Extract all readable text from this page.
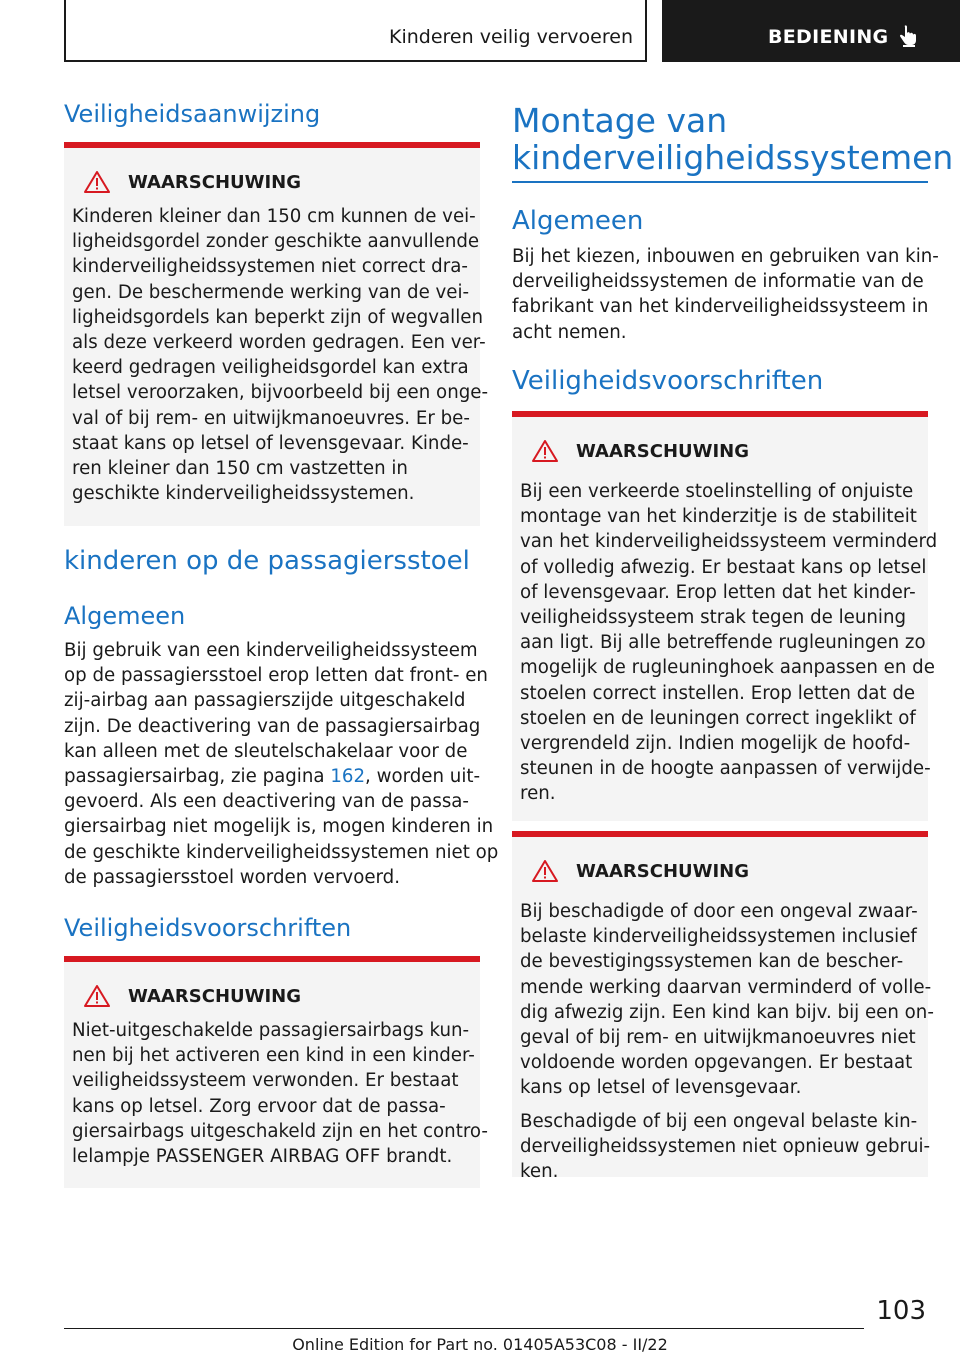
Kinderen veilig vervoeren	BEDIENING
Veiligheidsaanwijzing
WAARSCHUWING
Kinderen kleiner dan 150 cm kunnen de vei-
ligheidsgordel zonder geschikte aanvullende
kinderveiligheidssystemen niet correct dra-
gen. De beschermende werking van de vei-
ligheidsgordels kan beperkt zijn of wegvallen
als deze verkeerd worden gedragen. Een ver-
keerd gedragen veiligheidsgordel kan extra
letsel veroorzaken, bijvoorbeeld bij een onge-
val of bij rem- en uitwijkmanoeuvres. Er be-
staat kans op letsel of levensgevaar. Kinde-
ren kleiner dan 150 cm vastzetten in
geschikte kinderveiligheidssystemen.
kinderen op de passagiersstoel
Algemeen
Bij gebruik van een kinderveiligheidssysteem
op de passagiersstoel erop letten dat front- en
zij-airbag aan passagierszijde uitgeschakeld
zijn. De deactivering van de passagiersairbag
kan alleen met de sleutelschakelaar voor de
passagiersairbag, zie pagina 162, worden uit-
gevoerd. Als een deactivering van de passa-
giersairbag niet mogelijk is, mogen kinderen in
de geschikte kinderveiligheidssystemen niet op
de passagiersstoel worden vervoerd.
Veiligheidsvoorschriften
WAARSCHUWING
Niet-uitgeschakelde passagiersairbags kun-
nen bij het activeren een kind in een kinder-
veiligheidssysteem verwonden. Er bestaat
kans op letsel. Zorg ervoor dat de passa-
giersairbags uitgeschakeld zijn en het contro-
lelampje PASSENGER AIRBAG OFF brandt.
Montage van
kinderveiligheidssystemen
Algemeen
Bij het kiezen, inbouwen en gebruiken van kin-
derveiligheidssystemen de informatie van de
fabrikant van het kinderveiligheidssysteem in
acht nemen.
Veiligheidsvoorschriften
WAARSCHUWING
Bij een verkeerde stoelinstelling of onjuiste
montage van het kinderzitje is de stabiliteit
van het kinderveiligheidssysteem verminderd
of volledig afwezig. Er bestaat kans op letsel
of levensgevaar. Erop letten dat het kinder-
veiligheidssysteem strak tegen de leuning
aan ligt. Bij alle betreffende rugleuningen zo
mogelijk de rugleuninghoek aanpassen en de
stoelen correct instellen. Erop letten dat de
stoelen en de leuningen correct ingeklikt of
vergrendeld zijn. Indien mogelijk de hoofd-
steunen in de hoogte aanpassen of verwijde-
ren.
WAARSCHUWING
Bij beschadigde of door een ongeval zwaar-
belaste kinderveiligheidssystemen inclusief
de bevestigingssystemen kan de bescher-
mende werking daarvan verminderd of volle-
dig afwezig zijn. Een kind kan bijv. bij een on-
geval of bij rem- en uitwijkmanoeuvres niet
voldoende worden opgevangen. Er bestaat
kans op letsel of levensgevaar.
Beschadigde of bij een ongeval belaste kin-
derveiligheidssystemen niet opnieuw gebrui-
ken.
103
Online Edition for Part no. 01405A53C08 - II/22
